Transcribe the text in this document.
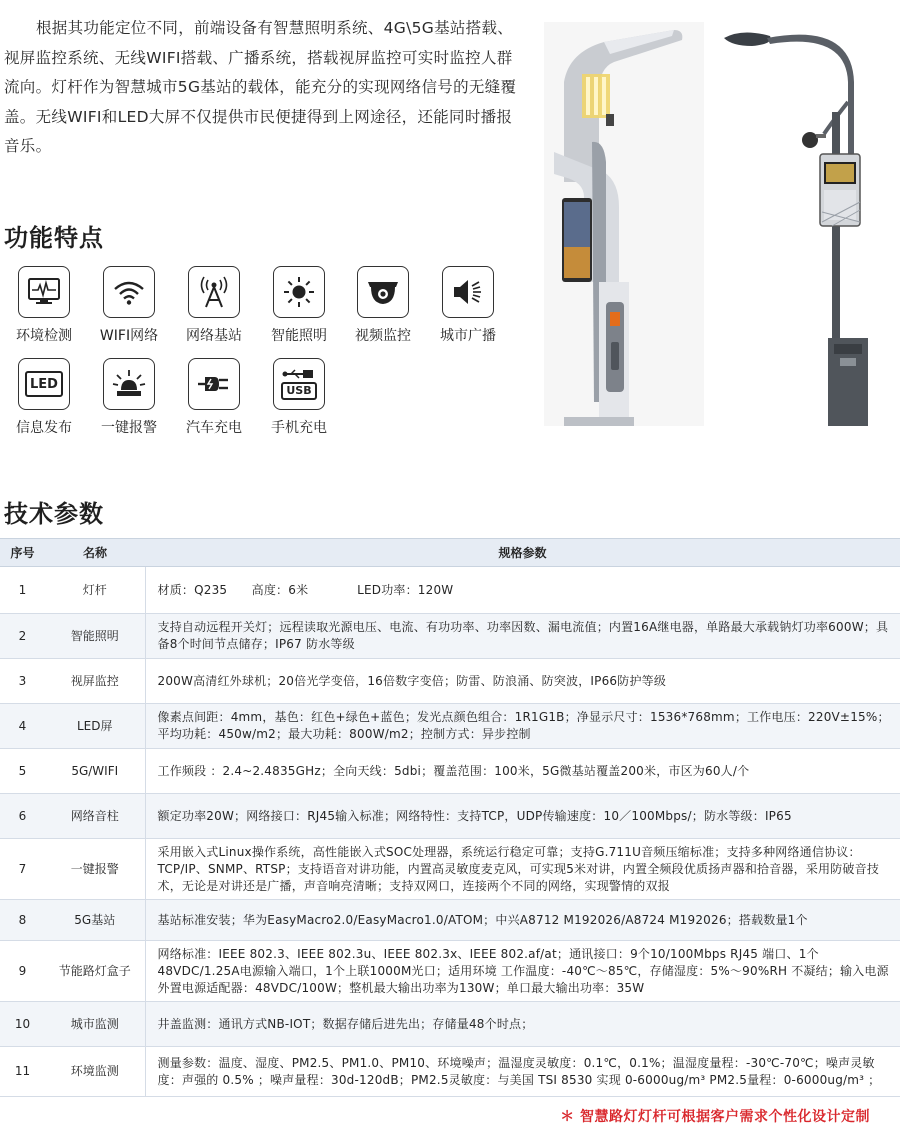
根据其功能定位不同，前端设备有智慧照明系统、4G\5G基站搭载、视屏监控系统、无线WIFI搭载、广播系统，搭载视屏监控可实时监控人群流向。灯杆作为智慧城市5G基站的载体，能充分的实现网络信号的无缝覆盖。无线WIFI和LED大屏不仅提供市民便捷得到上网途径，还能同时播报音乐。

功能特点
环境检测	WIFI网络	网络基站	智能照明	视频监控	城市广播
LED
信息发布	一键报警	汽车充电
USB
手机充电
技术参数
序号	名称	规格参数
1	灯杆	材质：Q235　　高度：6米　　　　LED功率：120W
2	智能照明	支持自动远程开关灯；远程读取光源电压、电流、有功功率、功率因数、漏电流值；内置16A继电器，单路最大承载钠灯功率600W；具备8个时间节点储存；IP67 防水等级
3	视屏监控	200W高清红外球机；20倍光学变倍，16倍数字变倍；防雷、防浪涌、防突波，IP66防护等级
4	LED屏	像素点间距：4mm，基色：红色+绿色+蓝色；发光点颜色组合：1R1G1B；净显示尺寸：1536*768mm；工作电压：220V±15%；平均功耗：450w/m2；最大功耗：800W/m2；控制方式：异步控制
5	5G/WIFI	工作频段 ：2.4~2.4835GHz；全向天线：5dbi；覆盖范围：100米，5G微基站覆盖200米，市区为60人/个
6	网络音柱	额定功率20W；网络接口：RJ45输入标准；网络特性：支持TCP，UDP传输速度：10／100Mbps/；防水等级：IP65
7	一键报警	采用嵌入式Linux操作系统，高性能嵌入式SOC处理器，系统运行稳定可靠；支持G.711U音频压缩标准；支持多种网络通信协议：TCP/IP、SNMP、RTSP；支持语音对讲功能，内置高灵敏度麦克风，可实现5米对讲，内置全频段优质扬声器和拾音器，采用防破音技术，无论是对讲还是广播，声音响亮清晰；支持双网口，连接两个不同的网络，实现警情的双报
8	5G基站	基站标准安装；华为EasyMacro2.0/EasyMacro1.0/ATOM；中兴A8712 M192026/A8724 M192026；搭载数量1个
9	节能路灯盒子	网络标准：IEEE 802.3、IEEE 802.3u、IEEE 802.3x、IEEE 802.af/at；通讯接口：9个10/100Mbps RJ45 端口、1个48VDC/1.25A电源输入端口，1个上联1000M光口；适用环境 工作温度：-40℃～85℃，存储湿度：5%～90%RH 不凝结；输入电源 外置电源适配器：48VDC/100W；整机最大输出功率为130W；单口最大输出功率：35W
10	城市监测	井盖监测：通讯方式NB-IOT；数据存储后进先出；存储量48个时点；
11	环境监测	测量参数：温度、湿度、PM2.5、PM1.0、PM10、环境噪声；温湿度灵敏度：0.1℃，0.1%；温湿度量程：-30℃-70℃；噪声灵敏度：声强的 0.5% ；噪声量程：30d-120dB；PM2.5灵敏度：与美国 TSI 8530 实现 0-6000ug/m³ PM2.5量程：0-6000ug/m³ ；
＊ 智慧路灯灯杆可根据客户需求个性化设计定制
